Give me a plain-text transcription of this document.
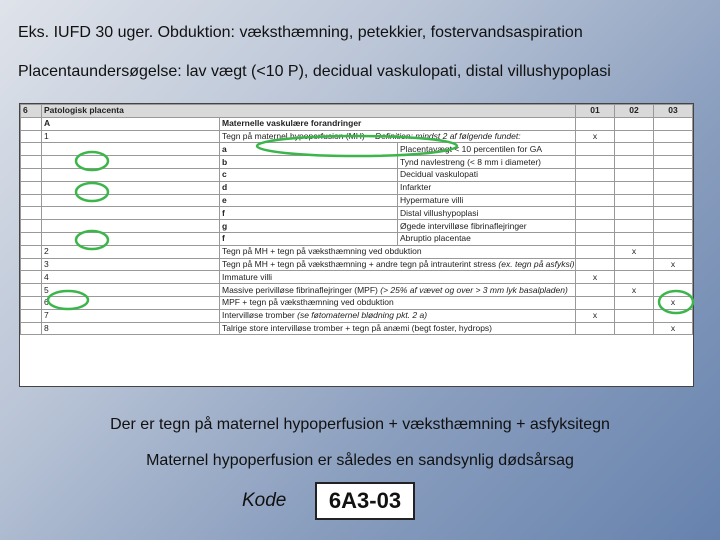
Eks. IUFD 30 uger. Obduktion: væksthæmning, petekkier, fostervandsaspiration
Placentaundersøgelse: lav vægt (<10 P), decidual vaskulopati, distal villushypoplasi
6	Patologisk placenta			01	02	03
	A	Maternelle vaskulære forandringer				
	1	Tegn på maternel hypoperfusion (MH) Definition: mindst 2 af følgende fundet:		x		
		a	Placentavægt < 10 percentilen for GA			
		b	Tynd navlestreng (< 8 mm i diameter)			
		c	Decidual vaskulopati			
		d	Infarkter			
		e	Hypermature villi			
		f	Distal villushypoplasi			
		g	Øgede intervilløse fibrinaflejringer			
		f	Abruptio placentae			
	2	Tegn på MH + tegn på væksthæmning ved obduktion			x	
	3	Tegn på MH + tegn på væksthæmning + andre tegn på intrauterint stress (ex. tegn på asfyksi)				x
	4	Immature villi		x		
	5	Massive perivilløse fibrinaflejringer (MPF) (> 25% af vævet og over > 3 mm lyk basalpladen)			x	
	6	MPF + tegn på væksthæmning ved obduktion				x
	7	Intervilløse tromber (se føtomaternel blødning pkt. 2 a)		x		
	8	Talrige store intervilløse tromber + tegn på anæmi (begt foster, hydrops)				x
Der er tegn på maternel hypoperfusion + væksthæmning + asfyksitegn
Maternel hypoperfusion er således en sandsynlig dødsårsag
Kode	6A3-03
